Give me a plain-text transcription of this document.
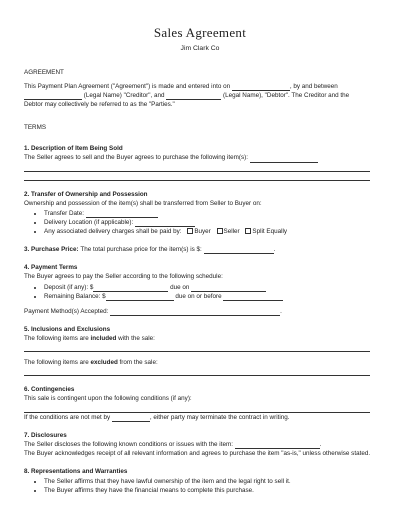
Sales Agreement
Jim Clark Co
AGREEMENT
This Payment Plan Agreement ("Agreement") is made and entered into on	, by and between
(Legal Name) "Creditor", and	(Legal Name), "Debtor". The Creditor and the
Debtor may collectively be referred to as the "Parties."
TERMS
1. Description of Item Being Sold
The Seller agrees to sell and the Buyer agrees to purchase the following item(s):
2. Transfer of Ownership and Possession
Ownership and possession of the item(s) shall be transferred from Seller to Buyer on:
• Transfer Date:
• Delivery Location (if applicable):
• Any associated delivery charges shall be paid by: Buyer Seller Split Equally
3. Purchase Price: The total purchase price for the item(s) is $:	.
4. Payment Terms
The Buyer agrees to pay the Seller according to the following schedule:
• Deposit (if any): $	due on
• Remaining Balance: $	due on or before
Payment Method(s) Accepted:	.
5. Inclusions and Exclusions
The following items are included with the sale:
The following items are excluded from the sale:
6. Contingencies
This sale is contingent upon the following conditions (if any):
If the conditions are not met by	, either party may terminate the contract in writing.
7. Disclosures
The Seller discloses the following known conditions or issues with the item:	.
The Buyer acknowledges receipt of all relevant information and agrees to purchase the item "as-is," unless otherwise stated.
8. Representations and Warranties
• The Seller affirms that they have lawful ownership of the item and the legal right to sell it.
• The Buyer affirms they have the financial means to complete this purchase.
